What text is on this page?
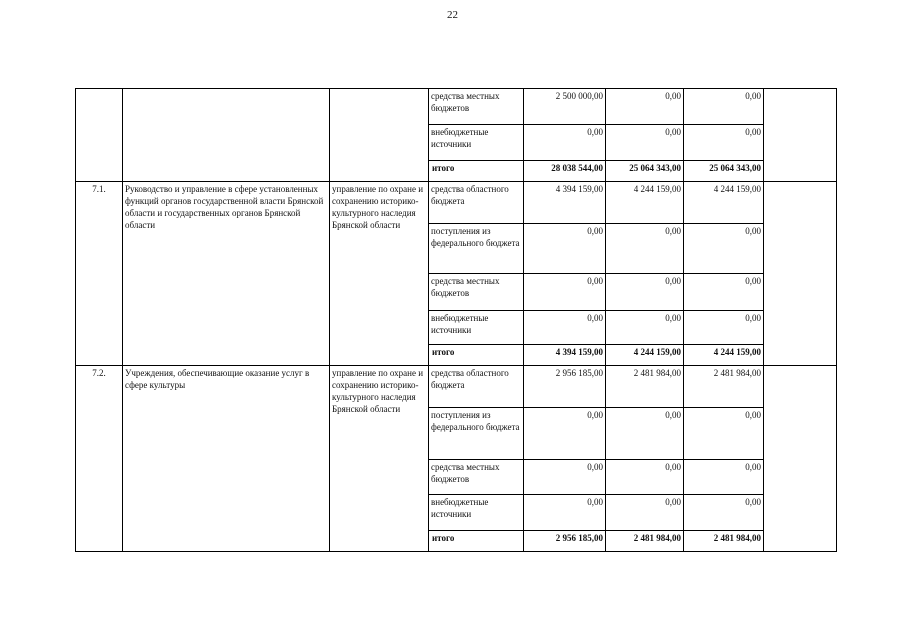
22
			средства местных бюджетов	2 500 000,00	0,00	0,00	
			внебюджетные источники	0,00	0,00	0,00	
			итого	28 038 544,00	25 064 343,00	25 064 343,00	
7.1.	Руководство и управление в сфере установленных функций органов государственной власти Брянской области и государственных органов Брянской области	управление по охране и сохранению историко-культурного наследия Брянской области	средства областного бюджета	4 394 159,00	4 244 159,00	4 244 159,00	
			поступления из федерального бюджета	0,00	0,00	0,00	
			средства местных бюджетов	0,00	0,00	0,00	
			внебюджетные источники	0,00	0,00	0,00	
			итого	4 394 159,00	4 244 159,00	4 244 159,00	
7.2.	Учреждения, обеспечивающие оказание услуг в сфере культуры	управление по охране и сохранению историко-культурного наследия Брянской области	средства областного бюджета	2 956 185,00	2 481 984,00	2 481 984,00	
			поступления из федерального бюджета	0,00	0,00	0,00	
			средства местных бюджетов	0,00	0,00	0,00	
			внебюджетные источники	0,00	0,00	0,00	
			итого	2 956 185,00	2 481 984,00	2 481 984,00	
